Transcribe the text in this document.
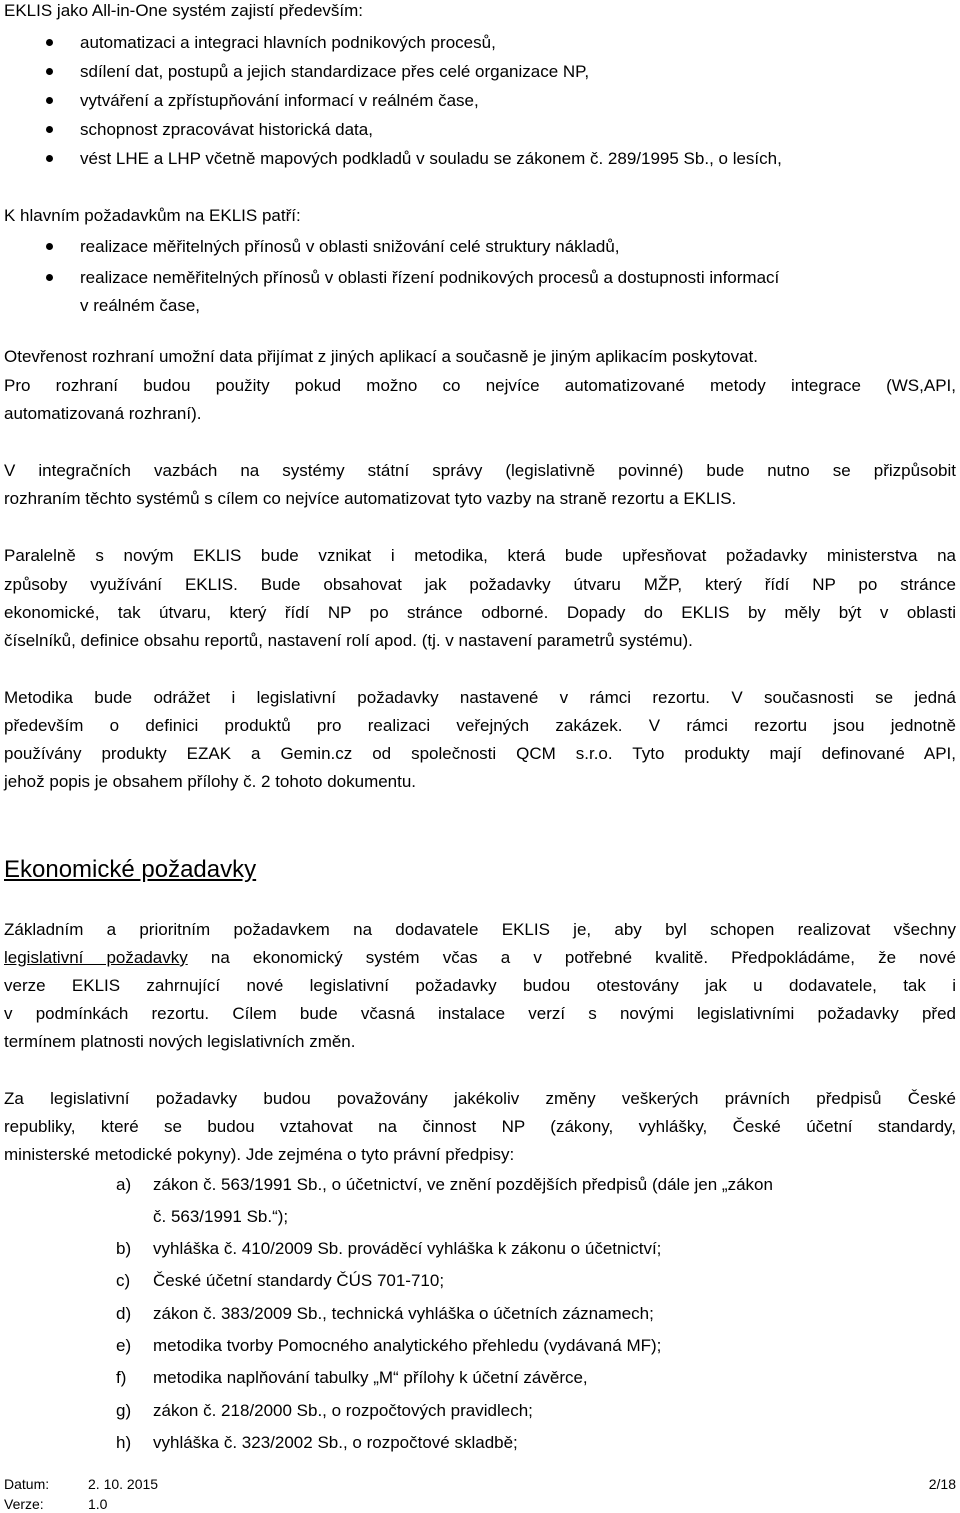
EKLIS jako All-in-One systém zajistí především:
automatizaci a integraci hlavních podnikových procesů,
sdílení dat, postupů a jejich standardizace přes celé organizace NP,
vytváření a zpřístupňování informací v reálném čase,
schopnost zpracovávat historická data,
vést LHE a LHP včetně mapových podkladů v souladu se zákonem č. 289/1995 Sb., o lesích,
K hlavním požadavkům na EKLIS patří:
realizace měřitelných přínosů v oblasti snižování celé struktury nákladů,
realizace neměřitelných přínosů v oblasti řízení podnikových procesů a dostupnosti informací
v reálném čase,
Otevřenost rozhraní umožní data přijímat z jiných aplikací a současně je jiným aplikacím poskytovat.
Pro rozhraní budou použity pokud možno co nejvíce automatizované metody integrace (WS,API,
automatizovaná rozhraní).
V integračních vazbách na systémy státní správy (legislativně povinné) bude nutno se přizpůsobit
rozhraním těchto systémů s cílem co nejvíce automatizovat tyto vazby na straně rezortu a EKLIS.
Paralelně s novým EKLIS bude vznikat i metodika, která bude upřesňovat požadavky ministerstva na
způsoby využívání EKLIS. Bude obsahovat jak požadavky útvaru MŽP, který řídí NP po stránce
ekonomické, tak útvaru, který řídí NP po stránce odborné. Dopady do EKLIS by měly být v oblasti
číselníků, definice obsahu reportů, nastavení rolí apod. (tj. v nastavení parametrů systému).
Metodika bude odrážet i legislativní požadavky nastavené v rámci rezortu. V současnosti se jedná
především o definici produktů pro realizaci veřejných zakázek. V rámci rezortu jsou jednotně
používány produkty EZAK a Gemin.cz od společnosti QCM s.r.o. Tyto produkty mají definované API,
jehož popis je obsahem přílohy č. 2 tohoto dokumentu.
Ekonomické požadavky
Základním a prioritním požadavkem na dodavatele EKLIS je, aby byl schopen realizovat všechny
legislativní požadavky na ekonomický systém včas a v potřebné kvalitě. Předpokládáme, že nové
verze EKLIS zahrnující nové legislativní požadavky budou otestovány jak u dodavatele, tak i
v podmínkách rezortu. Cílem bude včasná instalace verzí s novými legislativními požadavky před
termínem platnosti nových legislativních změn.
Za legislativní požadavky budou považovány jakékoliv změny veškerých právních předpisů České
republiky, které se budou vztahovat na činnost NP (zákony, vyhlášky, České účetní standardy,
ministerské metodické pokyny). Jde zejména o tyto právní předpisy:
a) zákon č. 563/1991 Sb., o účetnictví, ve znění pozdějších předpisů (dále jen „zákon
č. 563/1991 Sb.“);
b) vyhláška č. 410/2009 Sb. prováděcí vyhláška k zákonu o účetnictví;
c) České účetní standardy ČÚS 701-710;
d) zákon č. 383/2009 Sb., technická vyhláška o účetních záznamech;
e) metodika tvorby Pomocného analytického přehledu (vydávaná MF);
f) metodika naplňování tabulky „M“ přílohy k účetní závěrce,
g) zákon č. 218/2000 Sb., o rozpočtových pravidlech;
h) vyhláška č. 323/2002 Sb., o rozpočtové skladbě;
Datum:	2. 10. 2015
Verze:	1.0
2/18
